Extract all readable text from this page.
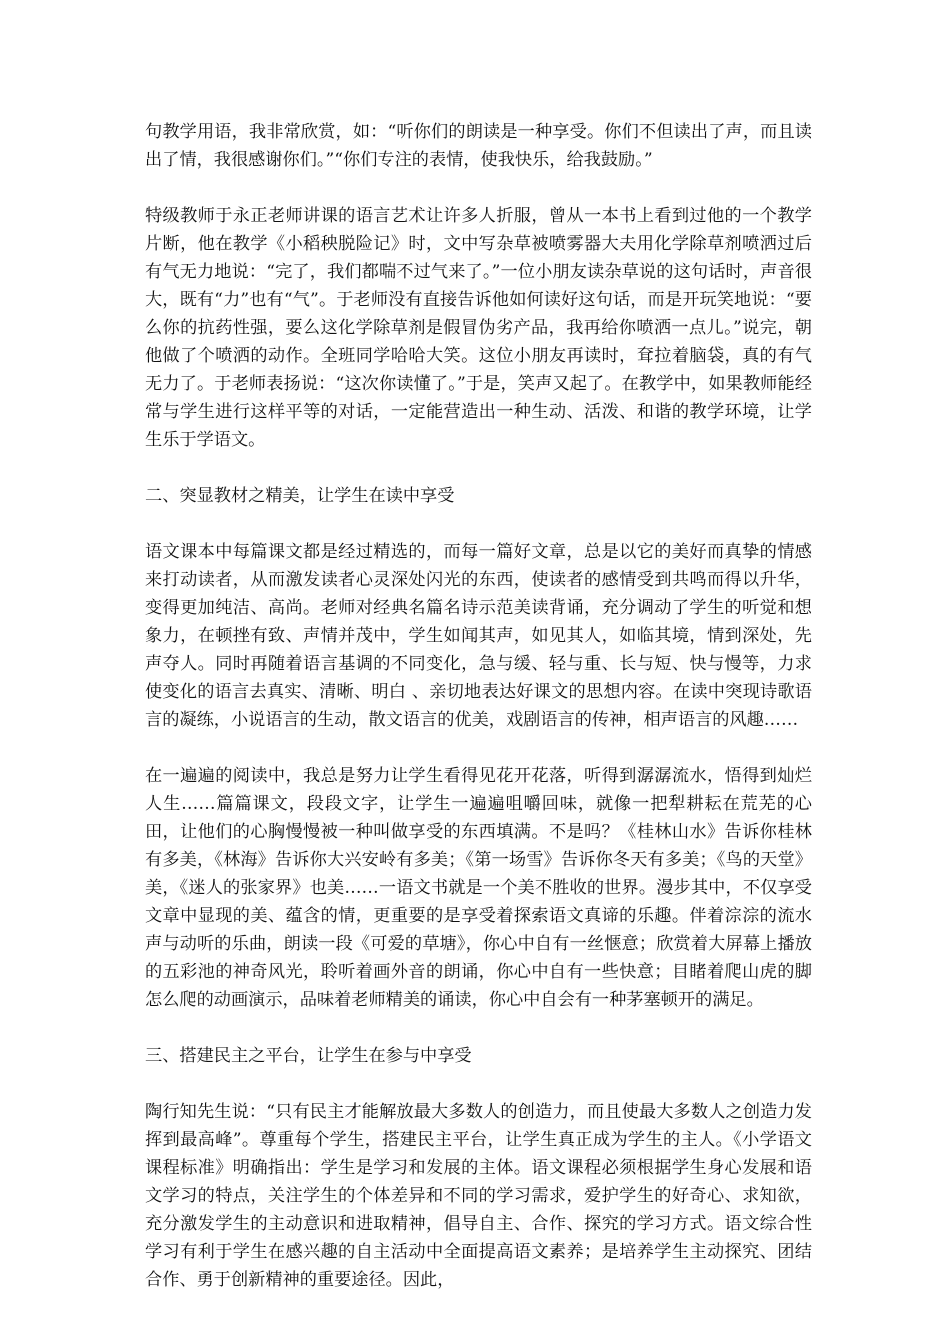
句教学用语，我非常欣赏，如：“听你们的朗读是一种享受。你们不但读出了声，而且读出了情，我很感谢你们。”“你们专注的表情，使我快乐，给我鼓励。”

特级教师于永正老师讲课的语言艺术让许多人折服，曾从一本书上看到过他的一个教学片断，他在教学《小稻秧脱险记》时，文中写杂草被喷雾器大夫用化学除草剂喷洒过后有气无力地说：“完了，我们都喘不过气来了。”一位小朋友读杂草说的这句话时，声音很大，既有“力”也有“气”。于老师没有直接告诉他如何读好这句话，而是开玩笑地说：“要么你的抗药性强，要么这化学除草剂是假冒伪劣产品，我再给你喷洒一点儿。”说完，朝他做了个喷洒的动作。全班同学哈哈大笑。这位小朋友再读时，耷拉着脑袋，真的有气无力了。于老师表扬说：“这次你读懂了。”于是，笑声又起了。在教学中，如果教师能经常与学生进行这样平等的对话，一定能营造出一种生动、活泼、和谐的教学环境，让学生乐于学语文。

二、突显教材之精美，让学生在读中享受

语文课本中每篇课文都是经过精选的，而每一篇好文章，总是以它的美好而真挚的情感来打动读者，从而激发读者心灵深处闪光的东西，使读者的感情受到共鸣而得以升华，变得更加纯洁、高尚。老师对经典名篇名诗示范美读背诵，充分调动了学生的听觉和想象力，在顿挫有致、声情并茂中，学生如闻其声，如见其人，如临其境，情到深处，先声夺人。同时再随着语言基调的不同变化，急与缓、轻与重、长与短、快与慢等，力求使变化的语言去真实、清晰、明白 、亲切地表达好课文的思想内容。在读中突现诗歌语言的凝练，小说语言的生动，散文语言的优美，戏剧语言的传神，相声语言的风趣……

在一遍遍的阅读中，我总是努力让学生看得见花开花落，听得到潺潺流水，悟得到灿烂人生……篇篇课文，段段文字，让学生一遍遍咀嚼回味，就像一把犁耕耘在荒芜的心田，让他们的心胸慢慢被一种叫做享受的东西填满。不是吗？《桂林山水》告诉你桂林有多美，《林海》告诉你大兴安岭有多美；《第一场雪》告诉你冬天有多美；《鸟的天堂》美，《迷人的张家界》也美……一语文书就是一个美不胜收的世界。漫步其中，不仅享受文章中显现的美、蕴含的情，更重要的是享受着探索语文真谛的乐趣。伴着淙淙的流水声与动听的乐曲，朗读一段《可爱的草塘》，你心中自有一丝惬意；欣赏着大屏幕上播放的五彩池的神奇风光，聆听着画外音的朗诵，你心中自有一些快意；目睹着爬山虎的脚怎么爬的动画演示，品味着老师精美的诵读，你心中自会有一种茅塞顿开的满足。

三、搭建民主之平台，让学生在参与中享受

陶行知先生说：“只有民主才能解放最大多数人的创造力，而且使最大多数人之创造力发挥到最高峰”。尊重每个学生，搭建民主平台，让学生真正成为学生的主人。《小学语文课程标准》明确指出：学生是学习和发展的主体。语文课程必须根据学生身心发展和语文学习的特点，关注学生的个体差异和不同的学习需求，爱护学生的好奇心、求知欲，充分激发学生的主动意识和进取精神，倡导自主、合作、探究的学习方式。语文综合性学习有利于学生在感兴趣的自主活动中全面提高语文素养；是培养学生主动探究、团结合作、勇于创新精神的重要途径。因此，
